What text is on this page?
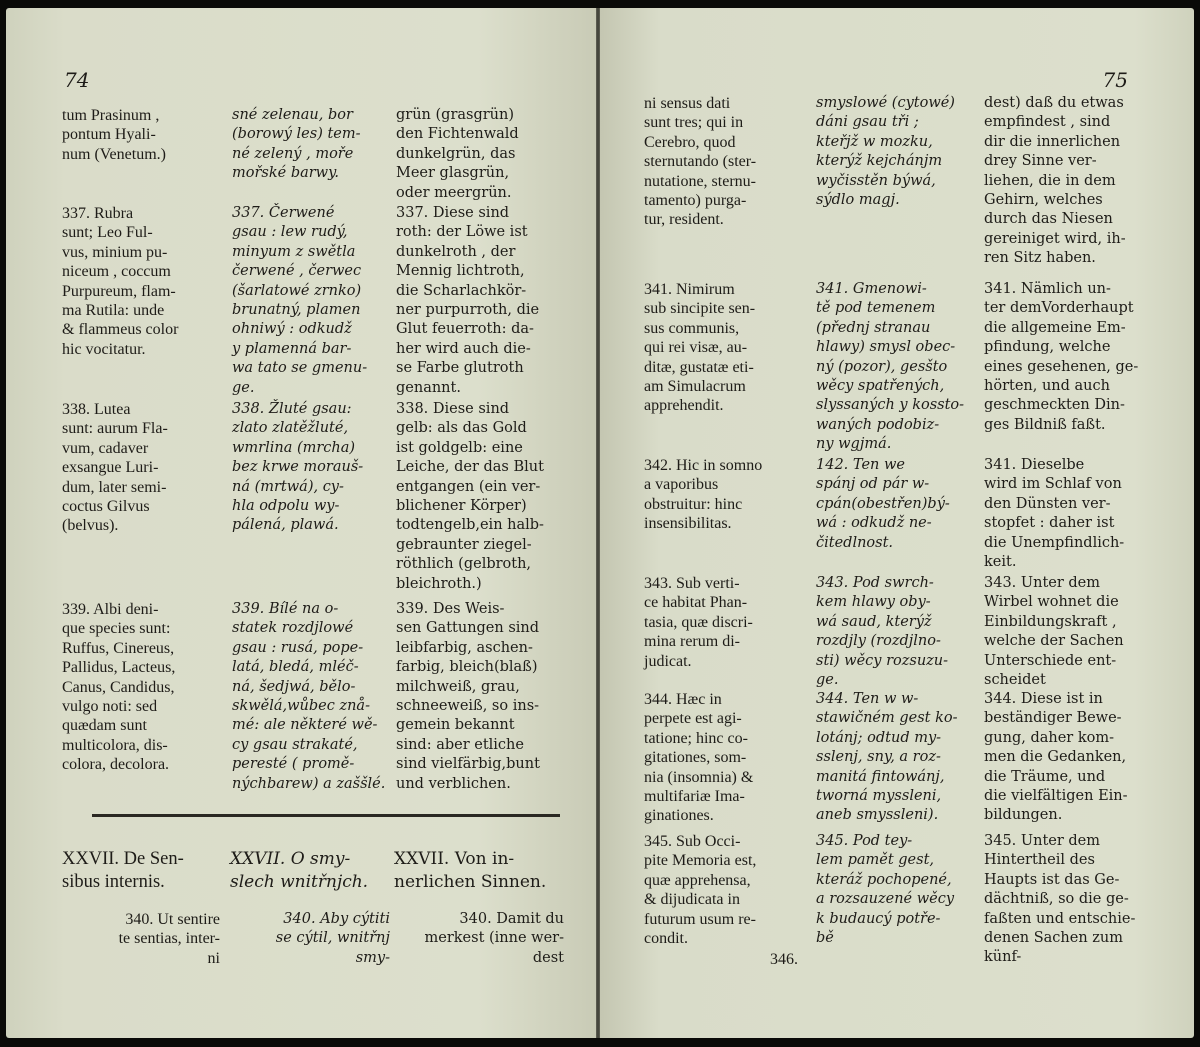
74
tum Prasinum ,
pontum Hyali-
num (Venetum.)
sné zelenau, bor
(borowý les) tem-
né zelený , moře
mořské barwy.
grün (grasgrün)
den Fichtenwald
dunkelgrün, das
Meer glasgrün,
oder meergrün.
337. Rubra
sunt; Leo Ful-
vus, minium pu-
niceum , coccum
Purpureum, flam-
ma Rutila: unde
& flammeus color
hic vocitatur.
337. Čerwené
gsau : lew rudý,
minyum z swětla
čerwené , čerwec
(šarlatowé zrnko)
brunatný, plamen
ohniwý : odkudž
y plamenná bar-
wa tato se gmenu-
ge.
337. Diese sind
roth: der Löwe ist
dunkelroth , der
Mennig lichtroth,
die Scharlachkör-
ner purpurroth, die
Glut feuerroth: da-
her wird auch die-
se Farbe glutroth
genannt.
338. Lutea
sunt: aurum Fla-
vum, cadaver
exsangue Luri-
dum, later semi-
coctus Gilvus
(belvus).
338. Žluté gsau:
zlato zlatěžluté,
wmrlina (mrcha)
bez krwe morauš-
ná (mrtwá), cy-
hla odpolu wy-
pálená, plawá.
338. Diese sind
gelb: als das Gold
ist goldgelb: eine
Leiche, der das Blut
entgangen (ein ver-
blichener Körper)
todtengelb,ein halb-
gebraunter ziegel-
röthlich (gelbroth,
bleichroth.)
339. Albi deni-
que species sunt:
Ruffus, Cinereus,
Pallidus, Lacteus,
Canus, Candidus,
vulgo noti: sed
quædam sunt
multicolora, dis-
colora, decolora.
339. Bílé na o-
statek rozdjlowé
gsau : rusá, pope-
latá, bledá, mléč-
ná, šedjwá, bělo-
skwělá,wůbec znå-
mé: ale některé wě-
cy gsau strakaté,
peresté ( promě-
nýchbarew) a zaššlé.
339. Des Weis-
sen Gattungen sind
leibfarbig, aschen-
farbig, bleich(blaß)
milchweiß, grau,
schneeweiß, so ins-
gemein bekannt
sind: aber etliche
sind vielfärbig,bunt
und verblichen.
XXVII. De Sen-
sibus internis.
XXVII. O smy-
slech wnitřnjch.
XXVII. Von in-
nerlichen Sinnen.
340. Ut sentire
te sentias, inter-
ni
340. Aby cýtiti
se cýtil, wnitřnj
smy-
340. Damit du
merkest (inne wer-
dest
75
ni sensus dati
sunt tres; qui in
Cerebro, quod
sternutando (ster-
nutatione, sternu-
tamento) purga-
tur, resident.
smyslowé (cytowé)
dáni gsau tři ;
kteřjž w mozku,
kterýž kejchánjm
wyčisstěn býwá,
sýdlo magj.
dest) daß du etwas
empfindest , sind
dir die innerlichen
drey Sinne ver-
liehen, die in dem
Gehirn, welches
durch das Niesen
gereiniget wird, ih-
ren Sitz haben.
341. Nimirum
sub sincipite sen-
sus communis,
qui rei visæ, au-
ditæ, gustatæ eti-
am Simulacrum
apprehendit.
341. Gmenowi-
tě pod temenem
(přednj stranau
hlawy) smysl obec-
ný (pozor), gesšto
wěcy spatřených,
slyssaných y kossto-
waných podobiz-
ny wgjmá.
341. Nämlich un-
ter demVorderhaupt
die allgemeine Em-
pfindung, welche
eines gesehenen, ge-
hörten, und auch
geschmeckten Din-
ges Bildniß faßt.
342. Hic in somno
a vaporibus
obstruitur: hinc
insensibilitas.
142. Ten we
spánj od pár w-
cpán(obestřen)bý-
wá : odkudž ne-
čitedlnost.
341. Dieselbe
wird im Schlaf von
den Dünsten ver-
stopfet : daher ist
die Unempfindlich-
keit.
343. Sub verti-
ce habitat Phan-
tasia, quæ discri-
mina rerum di-
judicat.
343. Pod swrch-
kem hlawy oby-
wá saud, kterýž
rozdjly (rozdjlno-
sti) wěcy rozsuzu-
ge.
343. Unter dem
Wirbel wohnet die
Einbildungskraft ,
welche der Sachen
Unterschiede ent-
scheidet
344. Hæc in
perpete est agi-
tatione; hinc co-
gitationes, som-
nia (insomnia) &
multifariæ Ima-
ginationes.
344. Ten w w-
stawičném gest ko-
lotánj; odtud my-
sslenj, sny, a roz-
manitá fintowánj,
tworná myssleni,
aneb smyssleni).
344. Diese ist in
beständiger Bewe-
gung, daher kom-
men die Gedanken,
die Träume, und
die vielfältigen Ein-
bildungen.
345. Sub Occi-
pite Memoria est,
quæ apprehensa,
& dijudicata in
futurum usum re-
condit.
345. Pod tey-
lem pamět gest,
kteráž pochopené,
a rozsauzené wěcy
k budaucý potře-
bě
345. Unter dem
Hintertheil des
Haupts ist das Ge-
dächtniß, so die ge-
faßten und entschie-
denen Sachen zum
künf-
346.
